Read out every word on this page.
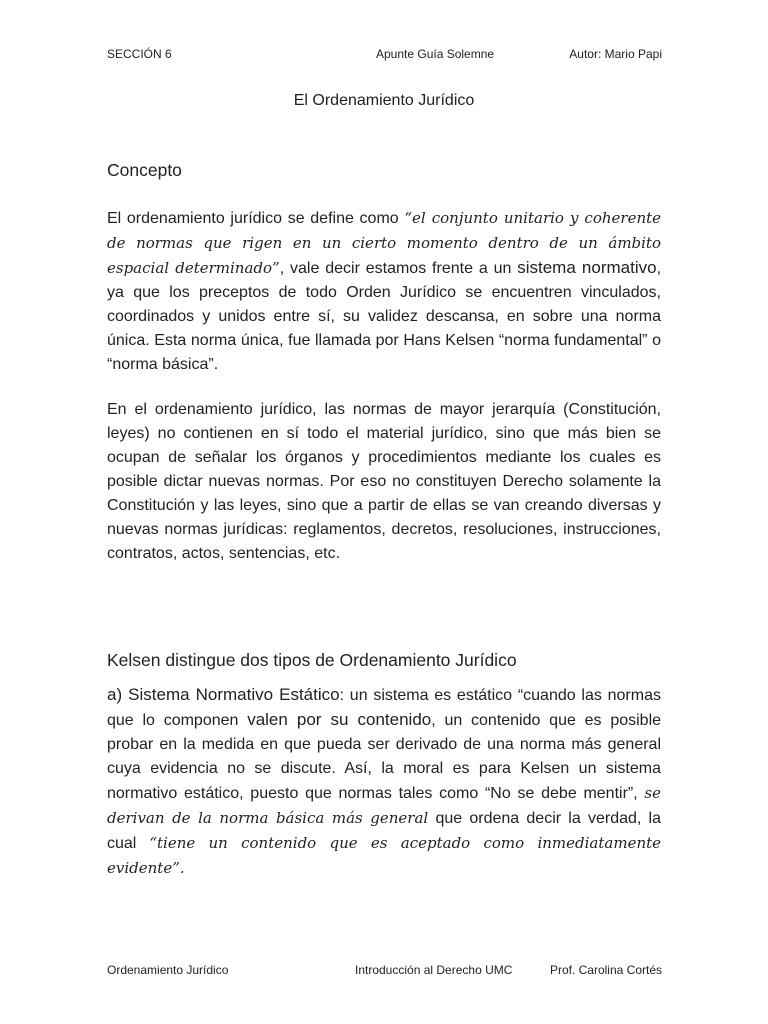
SECCIÓN 6	Apunte Guía Solemne	Autor: Mario Papi
El Ordenamiento Jurídico
Concepto
El ordenamiento jurídico se define como “el conjunto unitario y coherente de normas que rigen en un cierto momento dentro de un ámbito espacial determinado”, vale decir estamos frente a un sistema normativo, ya que los preceptos de todo Orden Jurídico se encuentren vinculados, coordinados y unidos entre sí, su validez descansa, en sobre una norma única. Esta norma única, fue llamada por Hans Kelsen “norma fundamental” o “norma básica”.
En el ordenamiento jurídico, las normas de mayor jerarquía (Constitución, leyes) no contienen en sí todo el material jurídico, sino que más bien se ocupan de señalar los órganos y procedimientos mediante los cuales es posible dictar nuevas normas. Por eso no constituyen Derecho solamente la Constitución y las leyes, sino que a partir de ellas se van creando diversas y nuevas normas jurídicas: reglamentos, decretos, resoluciones, instrucciones, contratos, actos, sentencias, etc.
Kelsen distingue dos tipos de Ordenamiento Jurídico
a) Sistema Normativo Estático: un sistema es estático “cuando las normas que lo componen valen por su contenido, un contenido que es posible probar en la medida en que pueda ser derivado de una norma más general cuya evidencia no se discute. Así, la moral es para Kelsen un sistema normativo estático, puesto que normas tales como “No se debe mentir”, se derivan de la norma básica más general que ordena decir la verdad, la cual “tiene un contenido que es aceptado como inmediatamente evidente”.
Ordenamiento Jurídico	Introducción al Derecho UMC	Prof. Carolina Cortés
